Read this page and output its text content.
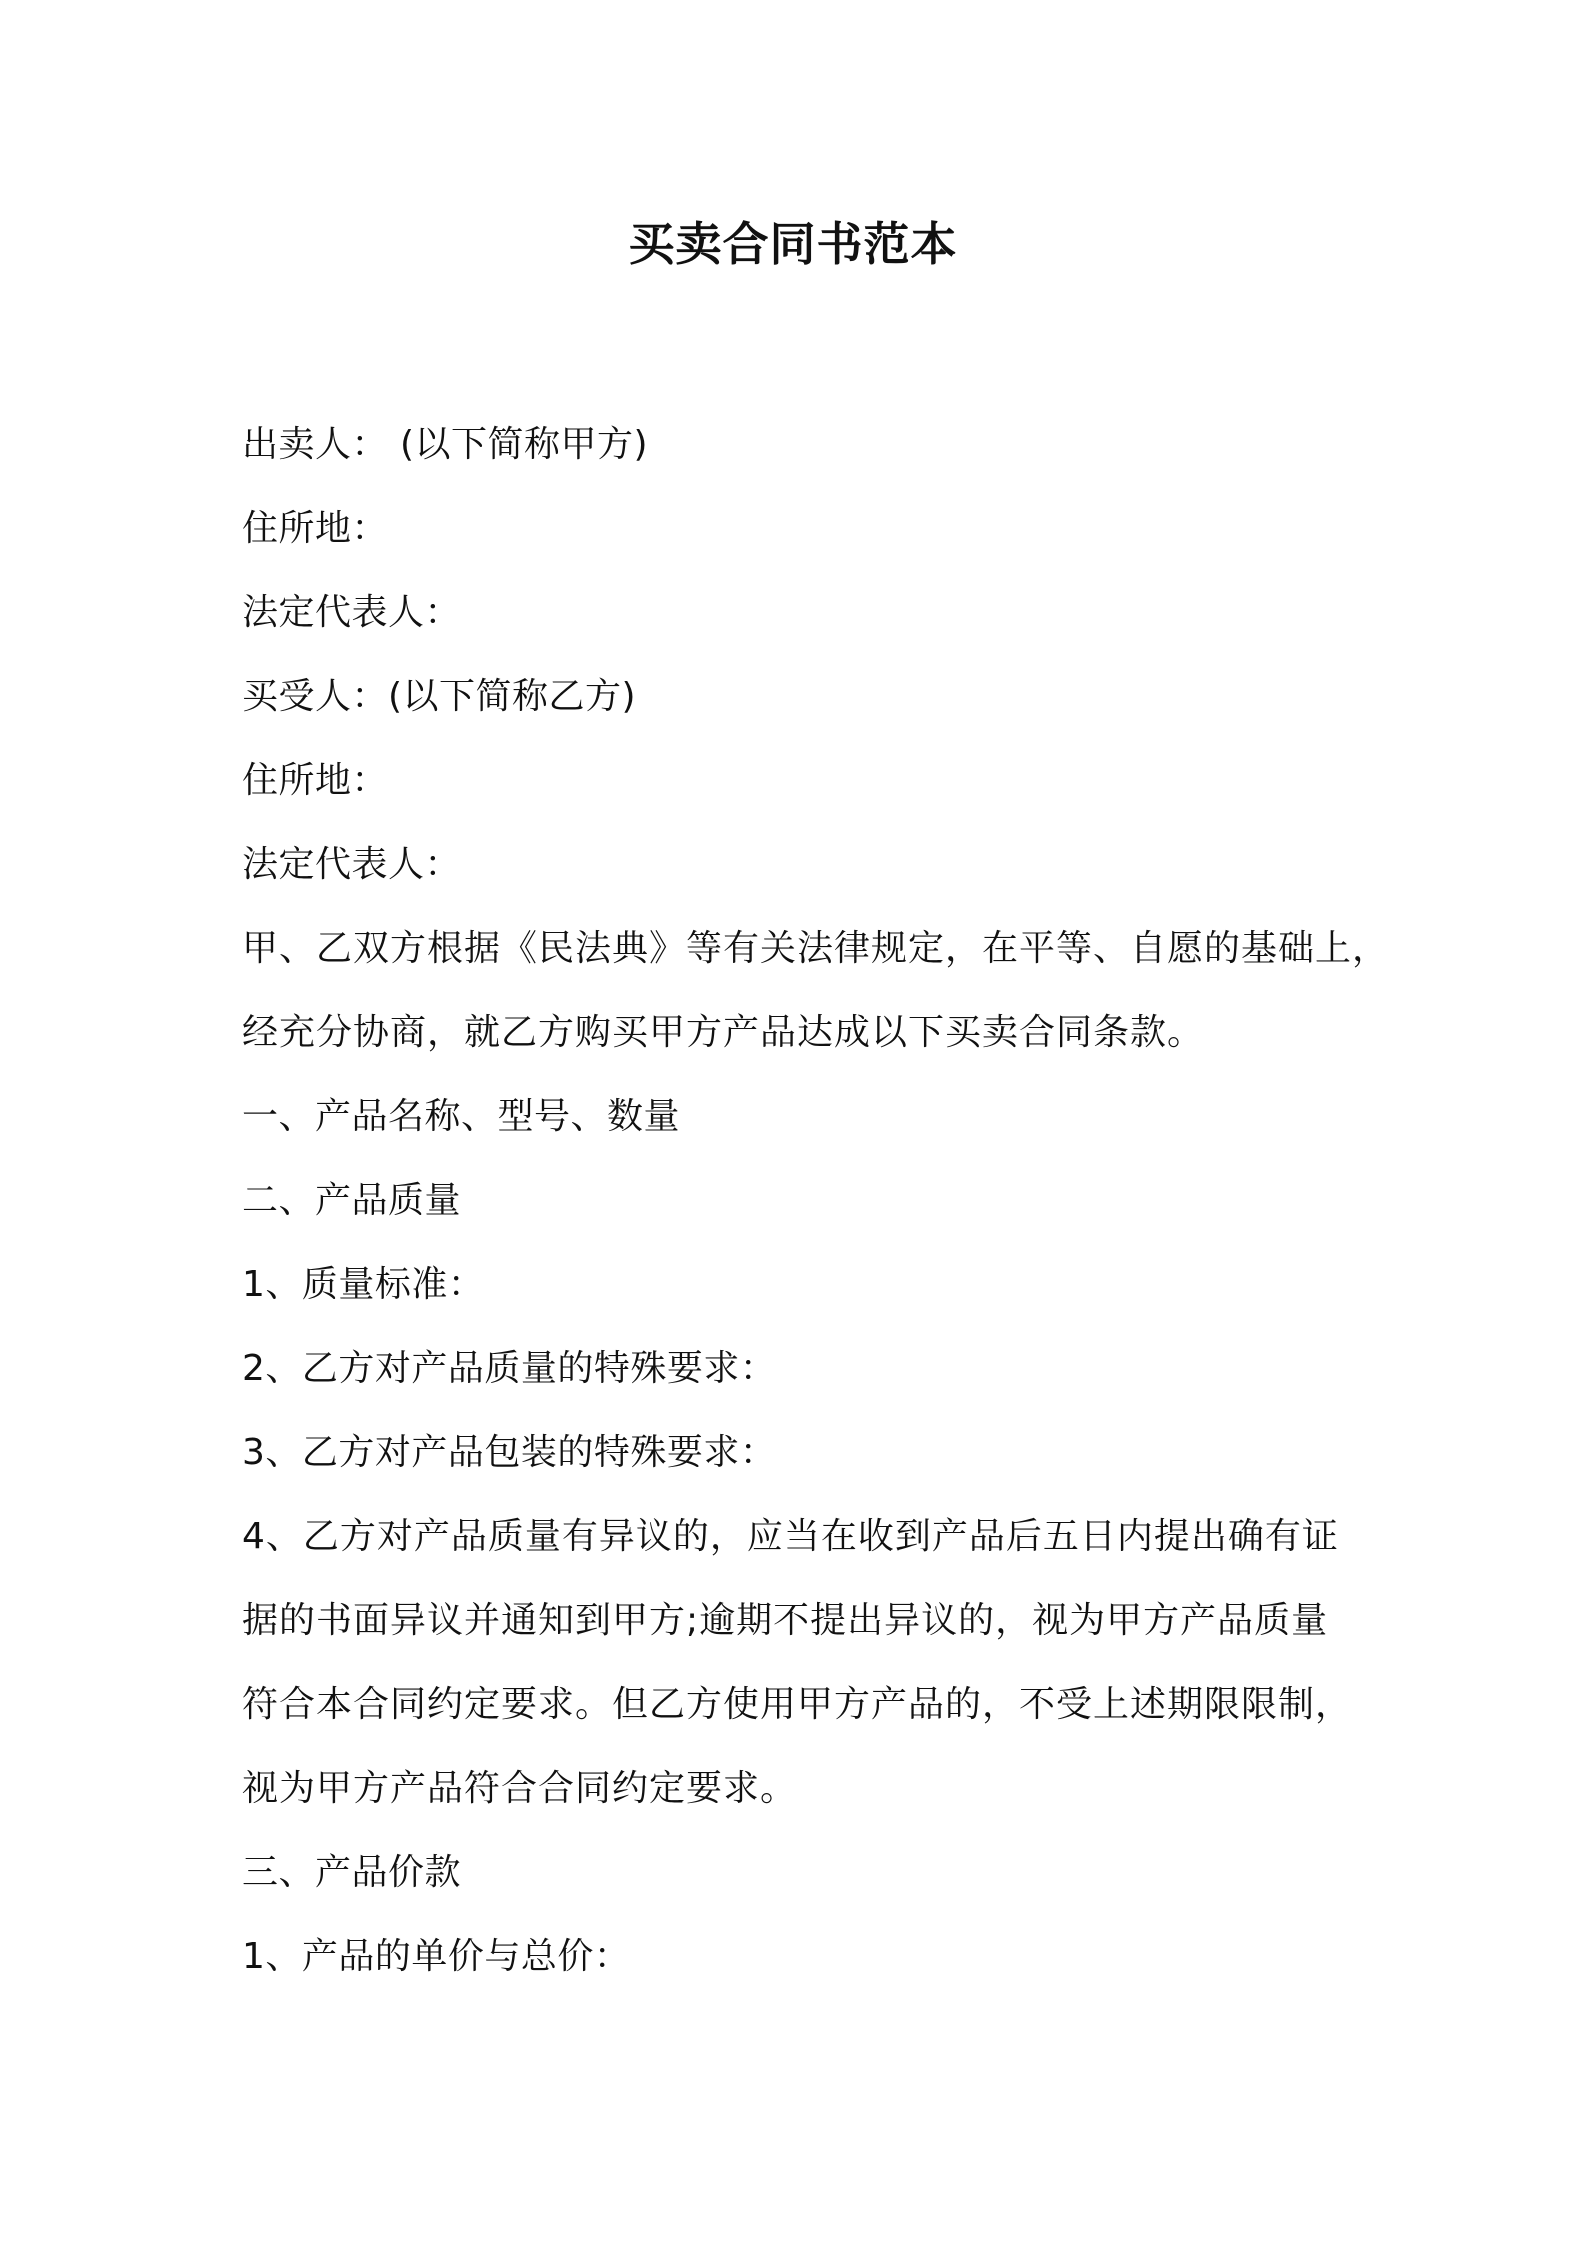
买卖合同书范本
出卖人： (以下简称甲方)
住所地：
法定代表人：
买受人：(以下简称乙方)
住所地：
法定代表人：
甲、乙双方根据《民法典》等有关法律规定，在平等、自愿的基础上，
经充分协商，就乙方购买甲方产品达成以下买卖合同条款。
一、产品名称、型号、数量
二、产品质量
1、质量标准：
2、乙方对产品质量的特殊要求：
3、乙方对产品包装的特殊要求：
4、乙方对产品质量有异议的，应当在收到产品后五日内提出确有证
据的书面异议并通知到甲方;逾期不提出异议的，视为甲方产品质量
符合本合同约定要求。但乙方使用甲方产品的，不受上述期限限制，
视为甲方产品符合合同约定要求。
三、产品价款
1、产品的单价与总价：
